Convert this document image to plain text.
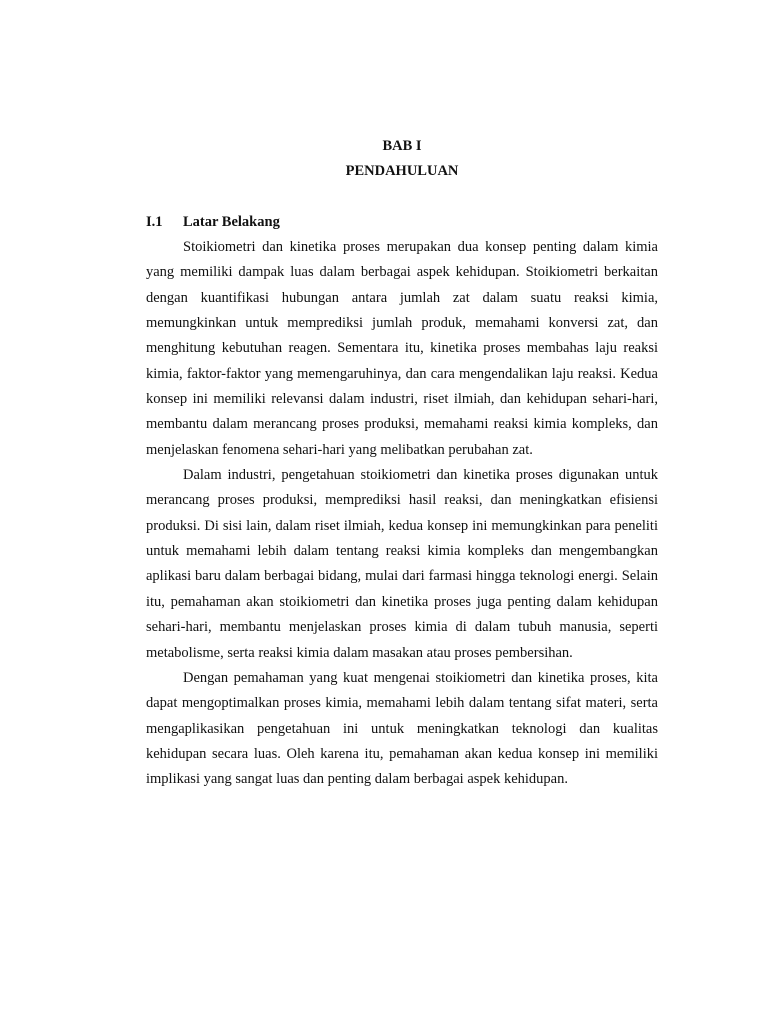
BAB I
PENDAHULUAN
I.1 Latar Belakang

Stoikiometri dan kinetika proses merupakan dua konsep penting dalam kimia yang memiliki dampak luas dalam berbagai aspek kehidupan. Stoikiometri berkaitan dengan kuantifikasi hubungan antara jumlah zat dalam suatu reaksi kimia, memungkinkan untuk memprediksi jumlah produk, memahami konversi zat, dan menghitung kebutuhan reagen. Sementara itu, kinetika proses membahas laju reaksi kimia, faktor-faktor yang memengaruhinya, dan cara mengendalikan laju reaksi. Kedua konsep ini memiliki relevansi dalam industri, riset ilmiah, dan kehidupan sehari-hari, membantu dalam merancang proses produksi, memahami reaksi kimia kompleks, dan menjelaskan fenomena sehari-hari yang melibatkan perubahan zat.

Dalam industri, pengetahuan stoikiometri dan kinetika proses digunakan untuk merancang proses produksi, memprediksi hasil reaksi, dan meningkatkan efisiensi produksi. Di sisi lain, dalam riset ilmiah, kedua konsep ini memungkinkan para peneliti untuk memahami lebih dalam tentang reaksi kimia kompleks dan mengembangkan aplikasi baru dalam berbagai bidang, mulai dari farmasi hingga teknologi energi. Selain itu, pemahaman akan stoikiometri dan kinetika proses juga penting dalam kehidupan sehari-hari, membantu menjelaskan proses kimia di dalam tubuh manusia, seperti metabolisme, serta reaksi kimia dalam masakan atau proses pembersihan.

Dengan pemahaman yang kuat mengenai stoikiometri dan kinetika proses, kita dapat mengoptimalkan proses kimia, memahami lebih dalam tentang sifat materi, serta mengaplikasikan pengetahuan ini untuk meningkatkan teknologi dan kualitas kehidupan secara luas. Oleh karena itu, pemahaman akan kedua konsep ini memiliki implikasi yang sangat luas dan penting dalam berbagai aspek kehidupan.
